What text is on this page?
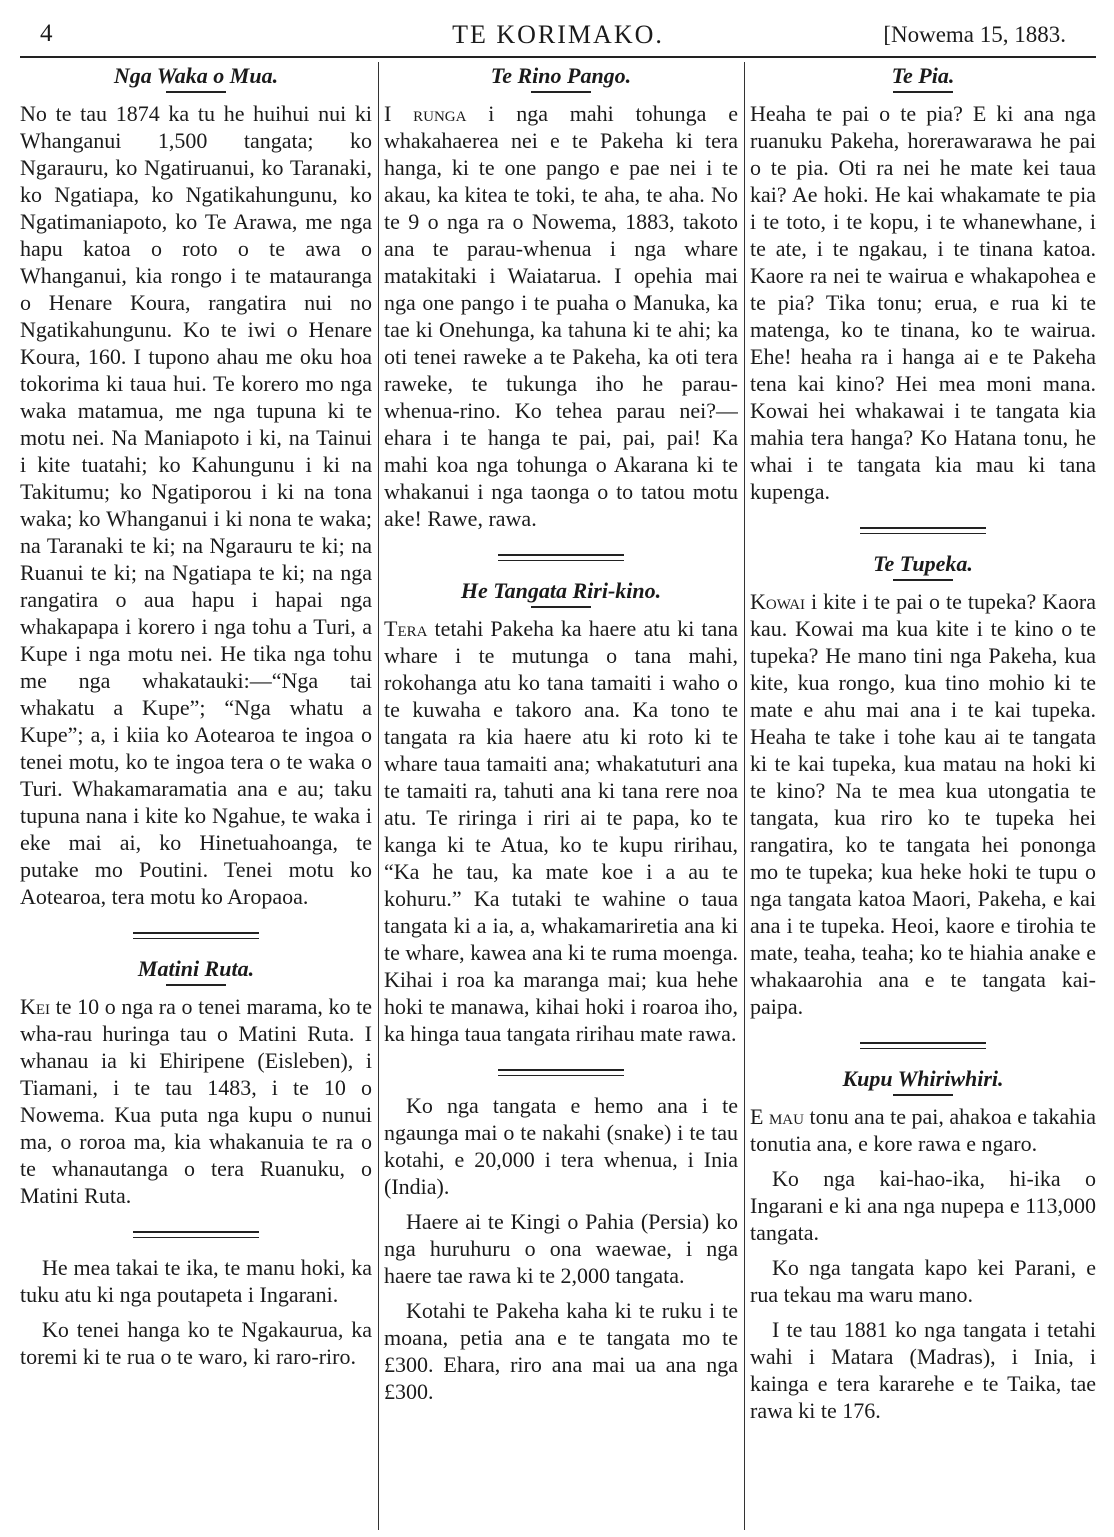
4	TE KORIMAKO.	[Nowema 15, 1883.
Nga Waka o Mua.

No te tau 1874 ka tu he huihui nui ki Whanganui 1,500 tangata; ko Ngarauru, ko Ngatiruanui, ko Taranaki, ko Ngatiapa, ko Ngatikahungunu, ko Ngatimaniapoto, ko Te Arawa, me nga hapu katoa o roto o te awa o Whanganui, kia rongo i te matauranga o Henare Koura, rangatira nui no Ngatikahungunu. Ko te iwi o Henare Koura, 160. I tupono ahau me oku hoa tokorima ki taua hui. Te korero mo nga waka matamua, me nga tupuna ki te motu nei. Na Maniapoto i ki, na Tainui i kite tuatahi; ko Kahungunu i ki na Takitumu; ko Ngatiporou i ki na tona waka; ko Whanganui i ki nona te waka; na Taranaki te ki; na Ngarauru te ki; na Ruanui te ki; na Ngatiapa te ki; na nga rangatira o aua hapu i hapai nga whakapapa i korero i nga tohu a Turi, a Kupe i nga motu nei. He tika nga tohu me nga whakatauki:—“Nga tai whakatu a Kupe”; “Nga whatu a Kupe”; a, i kiia ko Aotearoa te ingoa o tenei motu, ko te ingoa tera o te waka o Turi. Whakamaramatia ana e au; taku tupuna nana i kite ko Ngahue, te waka i eke mai ai, ko Hinetuahoanga, te putake mo Poutini. Tenei motu ko Aotearoa, tera motu ko Aropaoa.

Matini Ruta.

Kei te 10 o nga ra o tenei marama, ko te wha-rau huringa tau o Matini Ruta. I whanau ia ki Ehiripene (Eisleben), i Tiamani, i te tau 1483, i te 10 o Nowema. Kua puta nga kupu o nunui ma, o roroa ma, kia whakanuia te ra o te whanautanga o tera Ruanuku, o Matini Ruta.

He mea takai te ika, te manu hoki, ka tuku atu ki nga poutapeta i Ingarani.

Ko tenei hanga ko te Ngakaurua, ka toremi ki te rua o te waro, ki raro-riro.

Te Rino Pango.

I runga i nga mahi tohunga e whakahaerea nei e te Pakeha ki tera hanga, ki te one pango e pae nei i te akau, ka kitea te toki, te aha, te aha. No te 9 o nga ra o Nowema, 1883, takoto ana te parau-whenua i nga whare matakitaki i Waiatarua. I opehia mai nga one pango i te puaha o Manuka, ka tae ki Onehunga, ka tahuna ki te ahi; ka oti tenei raweke a te Pakeha, ka oti tera raweke, te tukunga iho he parau-whenua-rino. Ko tehea parau nei?—ehara i te hanga te pai, pai, pai! Ka mahi koa nga tohunga o Akarana ki te whakanui i nga taonga o to tatou motu ake! Rawe, rawa.

He Tangata Riri-kino.

Tera tetahi Pakeha ka haere atu ki tana whare i te mutunga o tana mahi, rokohanga atu ko tana tamaiti i waho o te kuwaha e takoro ana. Ka tono te tangata ra kia haere atu ki roto ki te whare taua tamaiti ana; whakatuturi ana te tamaiti ra, tahuti ana ki tana rere noa atu. Te riringa i riri ai te papa, ko te kanga ki te Atua, ko te kupu ririhau, “Ka he tau, ka mate koe i a au te kohuru.” Ka tutaki te wahine o taua tangata ki a ia, a, whakamariretia ana ki te whare, kawea ana ki te ruma moenga. Kihai i roa ka maranga mai; kua hehe hoki te manawa, kihai hoki i roaroa iho, ka hinga taua tangata ririhau mate rawa.

Ko nga tangata e hemo ana i te ngaunga mai o te nakahi (snake) i te tau kotahi, e 20,000 i tera whenua, i Inia (India).

Haere ai te Kingi o Pahia (Persia) ko nga huruhuru o ona waewae, i nga haere tae rawa ki te 2,000 tangata.

Kotahi te Pakeha kaha ki te ruku i te moana, petia ana e te tangata mo te £300. Ehara, riro ana mai ua ana nga £300.

Te Pia.

Heaha te pai o te pia? E ki ana nga ruanuku Pakeha, horerawarawa he pai o te pia. Oti ra nei he mate kei taua kai? Ae hoki. He kai whakamate te pia i te toto, i te kopu, i te whanewhane, i te ate, i te ngakau, i te tinana katoa. Kaore ra nei te wairua e whakapohea e te pia? Tika tonu; erua, e rua ki te matenga, ko te tinana, ko te wairua. Ehe! heaha ra i hanga ai e te Pakeha tena kai kino? Hei mea moni mana. Kowai hei whakawai i te tangata kia mahia tera hanga? Ko Hatana tonu, he whai i te tangata kia mau ki tana kupenga.

Te Tupeka.

Kowai i kite i te pai o te tupeka? Kaora kau. Kowai ma kua kite i te kino o te tupeka? He mano tini nga Pakeha, kua kite, kua rongo, kua tino mohio ki te mate e ahu mai ana i te kai tupeka. Heaha te take i tohe kau ai te tangata ki te kai tupeka, kua matau na hoki ki te kino? Na te mea kua utongatia te tangata, kua riro ko te tupeka hei rangatira, ko te tangata hei pononga mo te tupeka; kua heke hoki te tupu o nga tangata katoa Maori, Pakeha, e kai ana i te tupeka. Heoi, kaore e tirohia te mate, teaha, teaha; ko te hiahia anake e whakaarohia ana e te tangata kai-paipa.

Kupu Whiriwhiri.

E mau tonu ana te pai, ahakoa e takahia tonutia ana, e kore rawa e ngaro.

Ko nga kai-hao-ika, hi-ika o Ingarani e ki ana nga nupepa e 113,000 tangata.

Ko nga tangata kapo kei Parani, e rua tekau ma waru mano.

I te tau 1881 ko nga tangata i tetahi wahi i Matara (Madras), i Inia, i kainga e tera kararehe e te Taika, tae rawa ki te 176.
